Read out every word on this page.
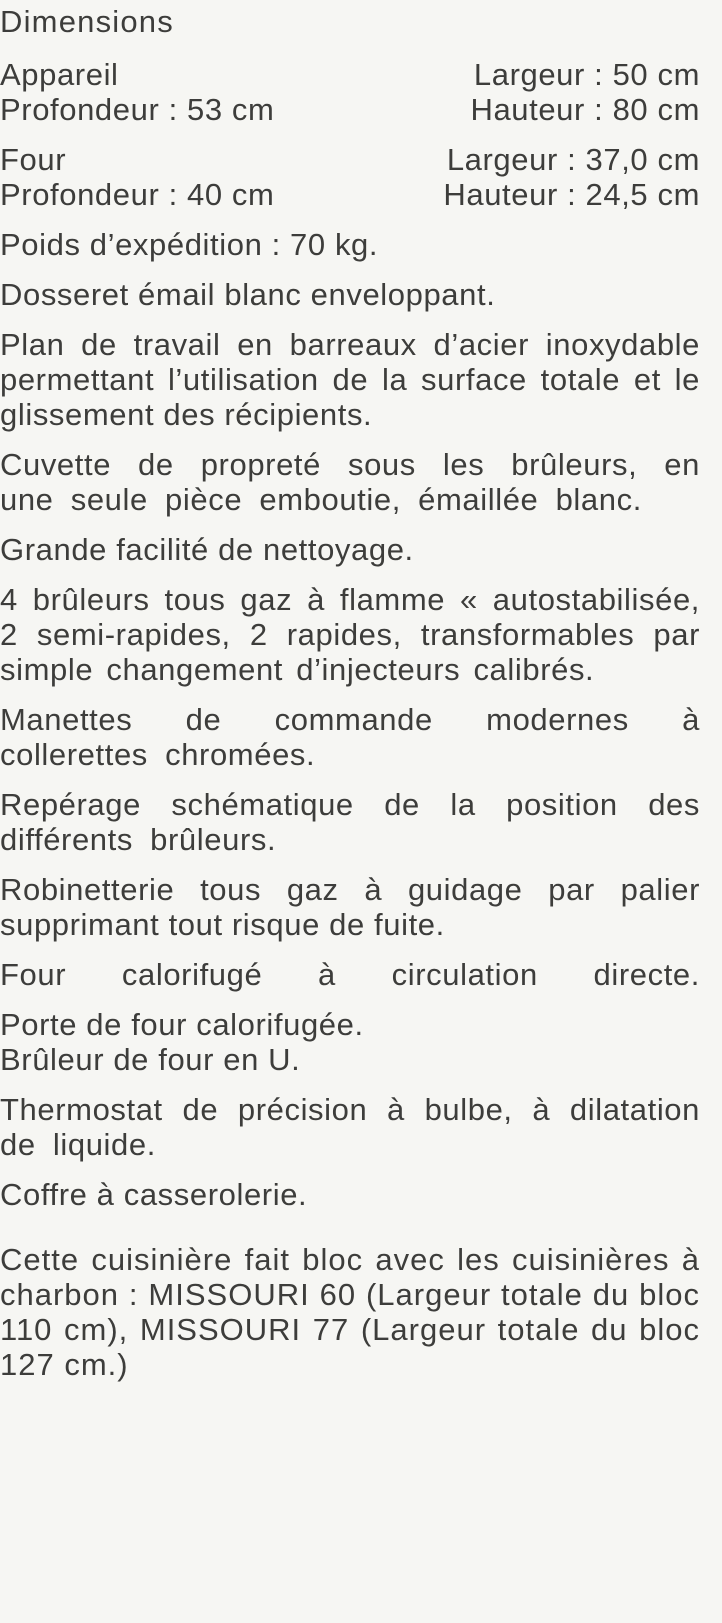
Dimensions
Appareil	Largeur : 50 cm
Profondeur : 53 cm	Hauteur : 80 cm
Four	Largeur : 37,0 cm
Profondeur : 40 cm	Hauteur : 24,5 cm

Poids d’expédition : 70 kg.

Dosseret émail blanc enveloppant.

Plan de travail en barreaux d’acier inoxydable permettant l’utilisation de la surface totale et le glissement des récipients.

Cuvette de propreté sous les brûleurs, en une seule pièce emboutie, émaillée blanc.

Grande facilité de nettoyage.

4 brûleurs tous gaz à flamme « autostabilisée, 2 semi-rapides, 2 rapides, transformables par simple changement d’injecteurs calibrés.

Manettes de commande modernes à collerettes chromées.

Repérage schématique de la position des différents brûleurs.

Robinetterie tous gaz à guidage par palier supprimant tout risque de fuite.

Four calorifugé à circulation directe.

Porte de four calorifugée.
Brûleur de four en U.

Thermostat de précision à bulbe, à dilatation de liquide.

Coffre à casserolerie.

Cette cuisinière fait bloc avec les cuisinières à charbon : MISSOURI 60 (Largeur totale du bloc 110 cm), MISSOURI 77 (Largeur totale du bloc 127 cm.)
